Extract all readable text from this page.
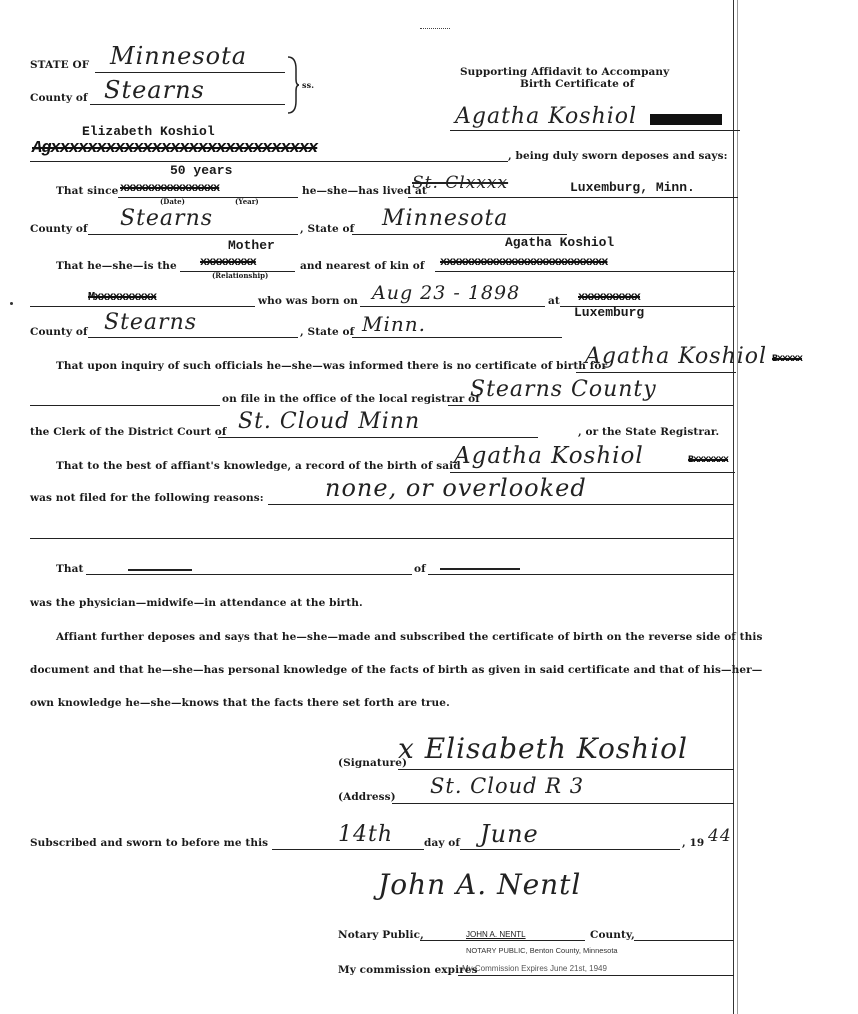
STATE OF Minnesota
County of Stearns	ss.
Supporting Affidavit to Accompany
Birth Certificate of
Agatha Koshiol
Elizabeth Koshiol
Agxxxxxxxxxxxxxxxxxxxxxxxxxxxxx	, being duly sworn deposes and says:
50 years
That since xxxxxxxxxxxxxxxx
(Date)	(Year)
he—she—has lived at
St. Clxxxx	Luxemburg, Minn.
County of Stearns	, State of Minnesota
Mother	Agatha Koshiol
That he—she—is the xxxxxxxxx
(Relationship)
and nearest of kin of xxxxxxxxxxxxxxxxxxxxxxxxxxx
Mxxxxxxxxxx	who was born on Aug 23 - 1898	at xxxxxxxxxx
Luxemburg
County of Stearns	, State of Minn.
That upon inquiry of such officials he—she—was informed there is no certificate of birth for
Agatha Koshiol Bxxxxx
on file in the office of the local registrar of
Stearns County
the Clerk of the District Court of St. Cloud Minn	, or the State Registrar.
That to the best of affiant's knowledge, a record of the birth of said
Agatha Koshiol	Bxxxxxxx
was not filed for the following reasons:	none, or overlooked
That	of
was the physician—midwife—in attendance at the birth.
Affiant further deposes and says that he—she—made and subscribed the certificate of birth on the reverse side of this
document and that he—she—has personal knowledge of the facts of birth as given in said certificate and that of his—her—
own knowledge he—she—knows that the facts there set forth are true.
(Signature)
x Elisabeth Koshiol
(Address) St. Cloud R 3
Subscribed and sworn to before me this	14th	day of June	, 19 44
John A. Nentl
Notary Public,	JOHN A. NENTL	County,
NOTARY PUBLIC, Benton County, Minnesota
My commission expires
My Commission Expires June 21st, 1949
